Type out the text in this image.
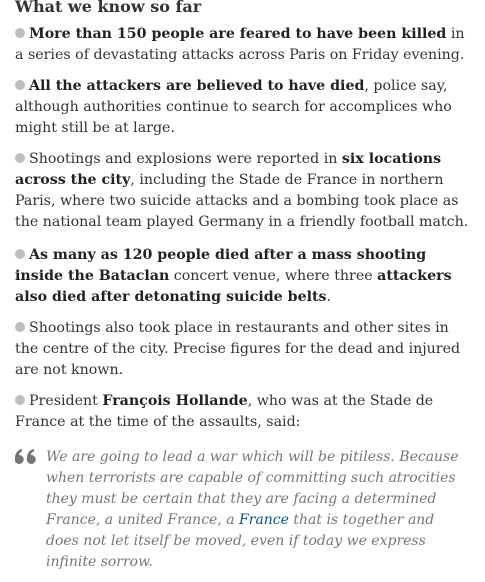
What we know so far

More than 150 people are feared to have been killed in a series of devastating attacks across Paris on Friday evening.

All the attackers are believed to have died, police say, although authorities continue to search for accomplices who might still be at large.

Shootings and explosions were reported in six locations across the city, including the Stade de France in northern Paris, where two suicide attacks and a bombing took place as the national team played Germany in a friendly football match.

As many as 120 people died after a mass shooting inside the Bataclan concert venue, where three attackers also died after detonating suicide belts.

Shootings also took place in restaurants and other sites in the centre of the city. Precise figures for the dead and injured are not known.

President François Hollande, who was at the Stade de France at the time of the assaults, said:

We are going to lead a war which will be pitiless. Because when terrorists are capable of committing such atrocities they must be certain that they are facing a determined France, a united France, a France that is together and does not let itself be moved, even if today we express infinite sorrow.
